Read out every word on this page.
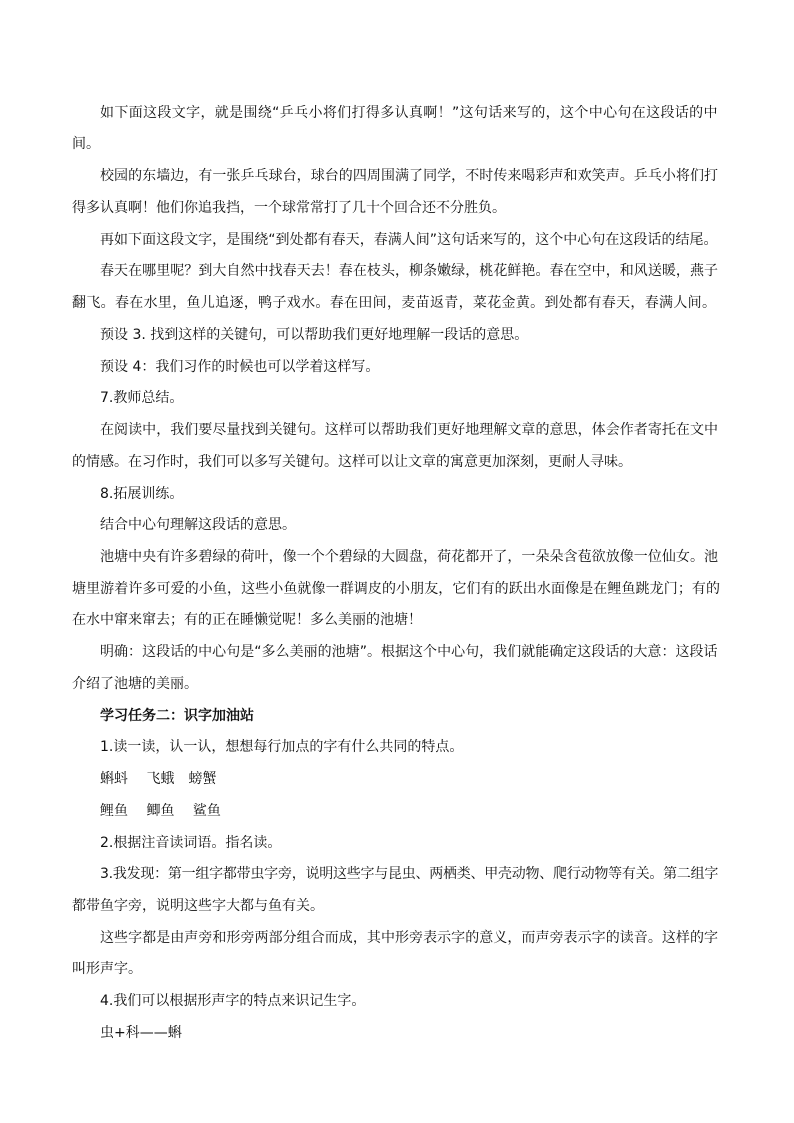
如下面这段文字，就是围绕“乒乓小将们打得多认真啊！”这句话来写的，这个中心句在这段话的中

间。

校园的东墙边，有一张乒乓球台，球台的四周围满了同学，不时传来喝彩声和欢笑声。乒乓小将们打

得多认真啊！他们你追我挡，一个球常常打了几十个回合还不分胜负。

再如下面这段文字，是围绕“到处都有春天，春满人间”这句话来写的，这个中心句在这段话的结尾。

春天在哪里呢？到大自然中找春天去！春在枝头，柳条嫩绿，桃花鲜艳。春在空中，和风送暖，燕子

翻飞。春在水里，鱼儿追逐，鸭子戏水。春在田间，麦苗返青，菜花金黄。到处都有春天，春满人间。

预设 3. 找到这样的关键句，可以帮助我们更好地理解一段话的意思。

预设 4：我们习作的时候也可以学着这样写。

7.教师总结。

在阅读中，我们要尽量找到关键句。这样可以帮助我们更好地理解文章的意思，体会作者寄托在文中

的情感。在习作时，我们可以多写关键句。这样可以让文章的寓意更加深刻，更耐人寻味。

8.拓展训练。

结合中心句理解这段话的意思。

池塘中央有许多碧绿的荷叶，像一个个碧绿的大圆盘，荷花都开了，一朵朵含苞欲放像一位仙女。池

塘里游着许多可爱的小鱼，这些小鱼就像一群调皮的小朋友，它们有的跃出水面像是在鲤鱼跳龙门；有的

在水中窜来窜去；有的正在睡懒觉呢！多么美丽的池塘！

明确：这段话的中心句是“多么美丽的池塘”。根据这个中心句，我们就能确定这段话的大意：这段话

介绍了池塘的美丽。

学习任务二：识字加油站

1.读一读，认一认，想想每行加点的字有什么共同的特点。

蝌蚪　 飞蛾　螃蟹

鲤鱼　 鲫鱼　 鲨鱼

2.根据注音读词语。指名读。

3.我发现：第一组字都带虫字旁，说明这些字与昆虫、两栖类、甲壳动物、爬行动物等有关。第二组字

都带鱼字旁，说明这些字大都与鱼有关。

这些字都是由声旁和形旁两部分组合而成，其中形旁表示字的意义，而声旁表示字的读音。这样的字

叫形声字。

4.我们可以根据形声字的特点来识记生字。

虫+科——蝌
